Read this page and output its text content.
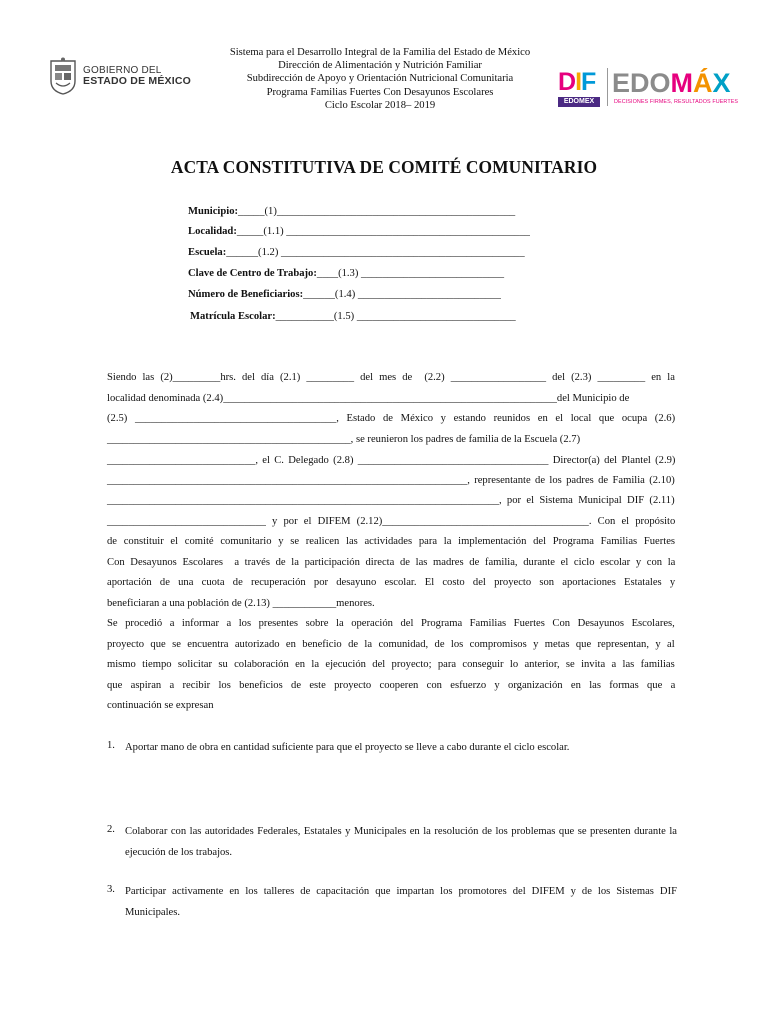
GOBIERNO DEL
ESTADO DE MÉXICO
Sistema para el Desarrollo Integral de la Familia del Estado de México
Dirección de Alimentación y Nutrición Familiar
Subdirección de Apoyo y Orientación Nutricional Comunitaria
Programa Familias Fuertes Con Desayunos Escolares
Ciclo Escolar 2018– 2019
DIF
EDOMEX
EDOMÁX
DECISIONES FIRMES, RESULTADOS FUERTES
ACTA CONSTITUTIVA DE COMITÉ COMUNITARIO
Municipio:_____(1)_____________________________________________
Localidad:_____(1.1) ______________________________________________
Escuela:______(1.2) ______________________________________________
Clave de Centro de Trabajo:____(1.3) ___________________________
Número de Beneficiarios:______(1.4) ___________________________
Matrícula Escolar:___________(1.5) ______________________________
Siendo las (2)_________hrs. del día (2.1) _________ del mes de  (2.2) __________________ del (2.3) _________ en la
localidad denominada (2.4)_______________________________________________________________del Municipio de
(2.5) ______________________________________, Estado de México y estando reunidos en el local que ocupa (2.6)
______________________________________________, se reunieron los padres de familia de la Escuela (2.7)
____________________________, el C. Delegado (2.8) ____________________________________ Director(a) del Plantel (2.9)
____________________________________________________________________, representante de los padres de Familia (2.10)
__________________________________________________________________________, por el Sistema Municipal DIF (2.11)
______________________________ y por el DIFEM (2.12)_______________________________________. Con el propósito
de constituir el comité comunitario y se realicen las actividades para la implementación del Programa Familias Fuertes
Con Desayunos Escolares  a través de la participación directa de las madres de familia, durante el ciclo escolar y con la
aportación de una cuota de recuperación por desayuno escolar. El costo del proyecto son aportaciones Estatales y
beneficiaran a una población de (2.13) ____________menores.
Se procedió a informar a los presentes sobre la operación del Programa Familias Fuertes Con Desayunos Escolares,
proyecto que se encuentra autorizado en beneficio de la comunidad, de los compromisos y metas que representan, y al
mismo tiempo solicitar su colaboración en la ejecución del proyecto; para conseguir lo anterior, se invita a las familias
que aspiran a recibir los beneficios de este proyecto cooperen con esfuerzo y organización en las formas que a
continuación se expresan
1. Aportar mano de obra en cantidad suficiente para que el proyecto se lleve a cabo durante el ciclo escolar.
2. Colaborar con las autoridades Federales, Estatales y Municipales en la resolución de los problemas que se presenten durante la ejecución de los trabajos.
3. Participar activamente en los talleres de capacitación que impartan los promotores del DIFEM y de los Sistemas DIF Municipales.
